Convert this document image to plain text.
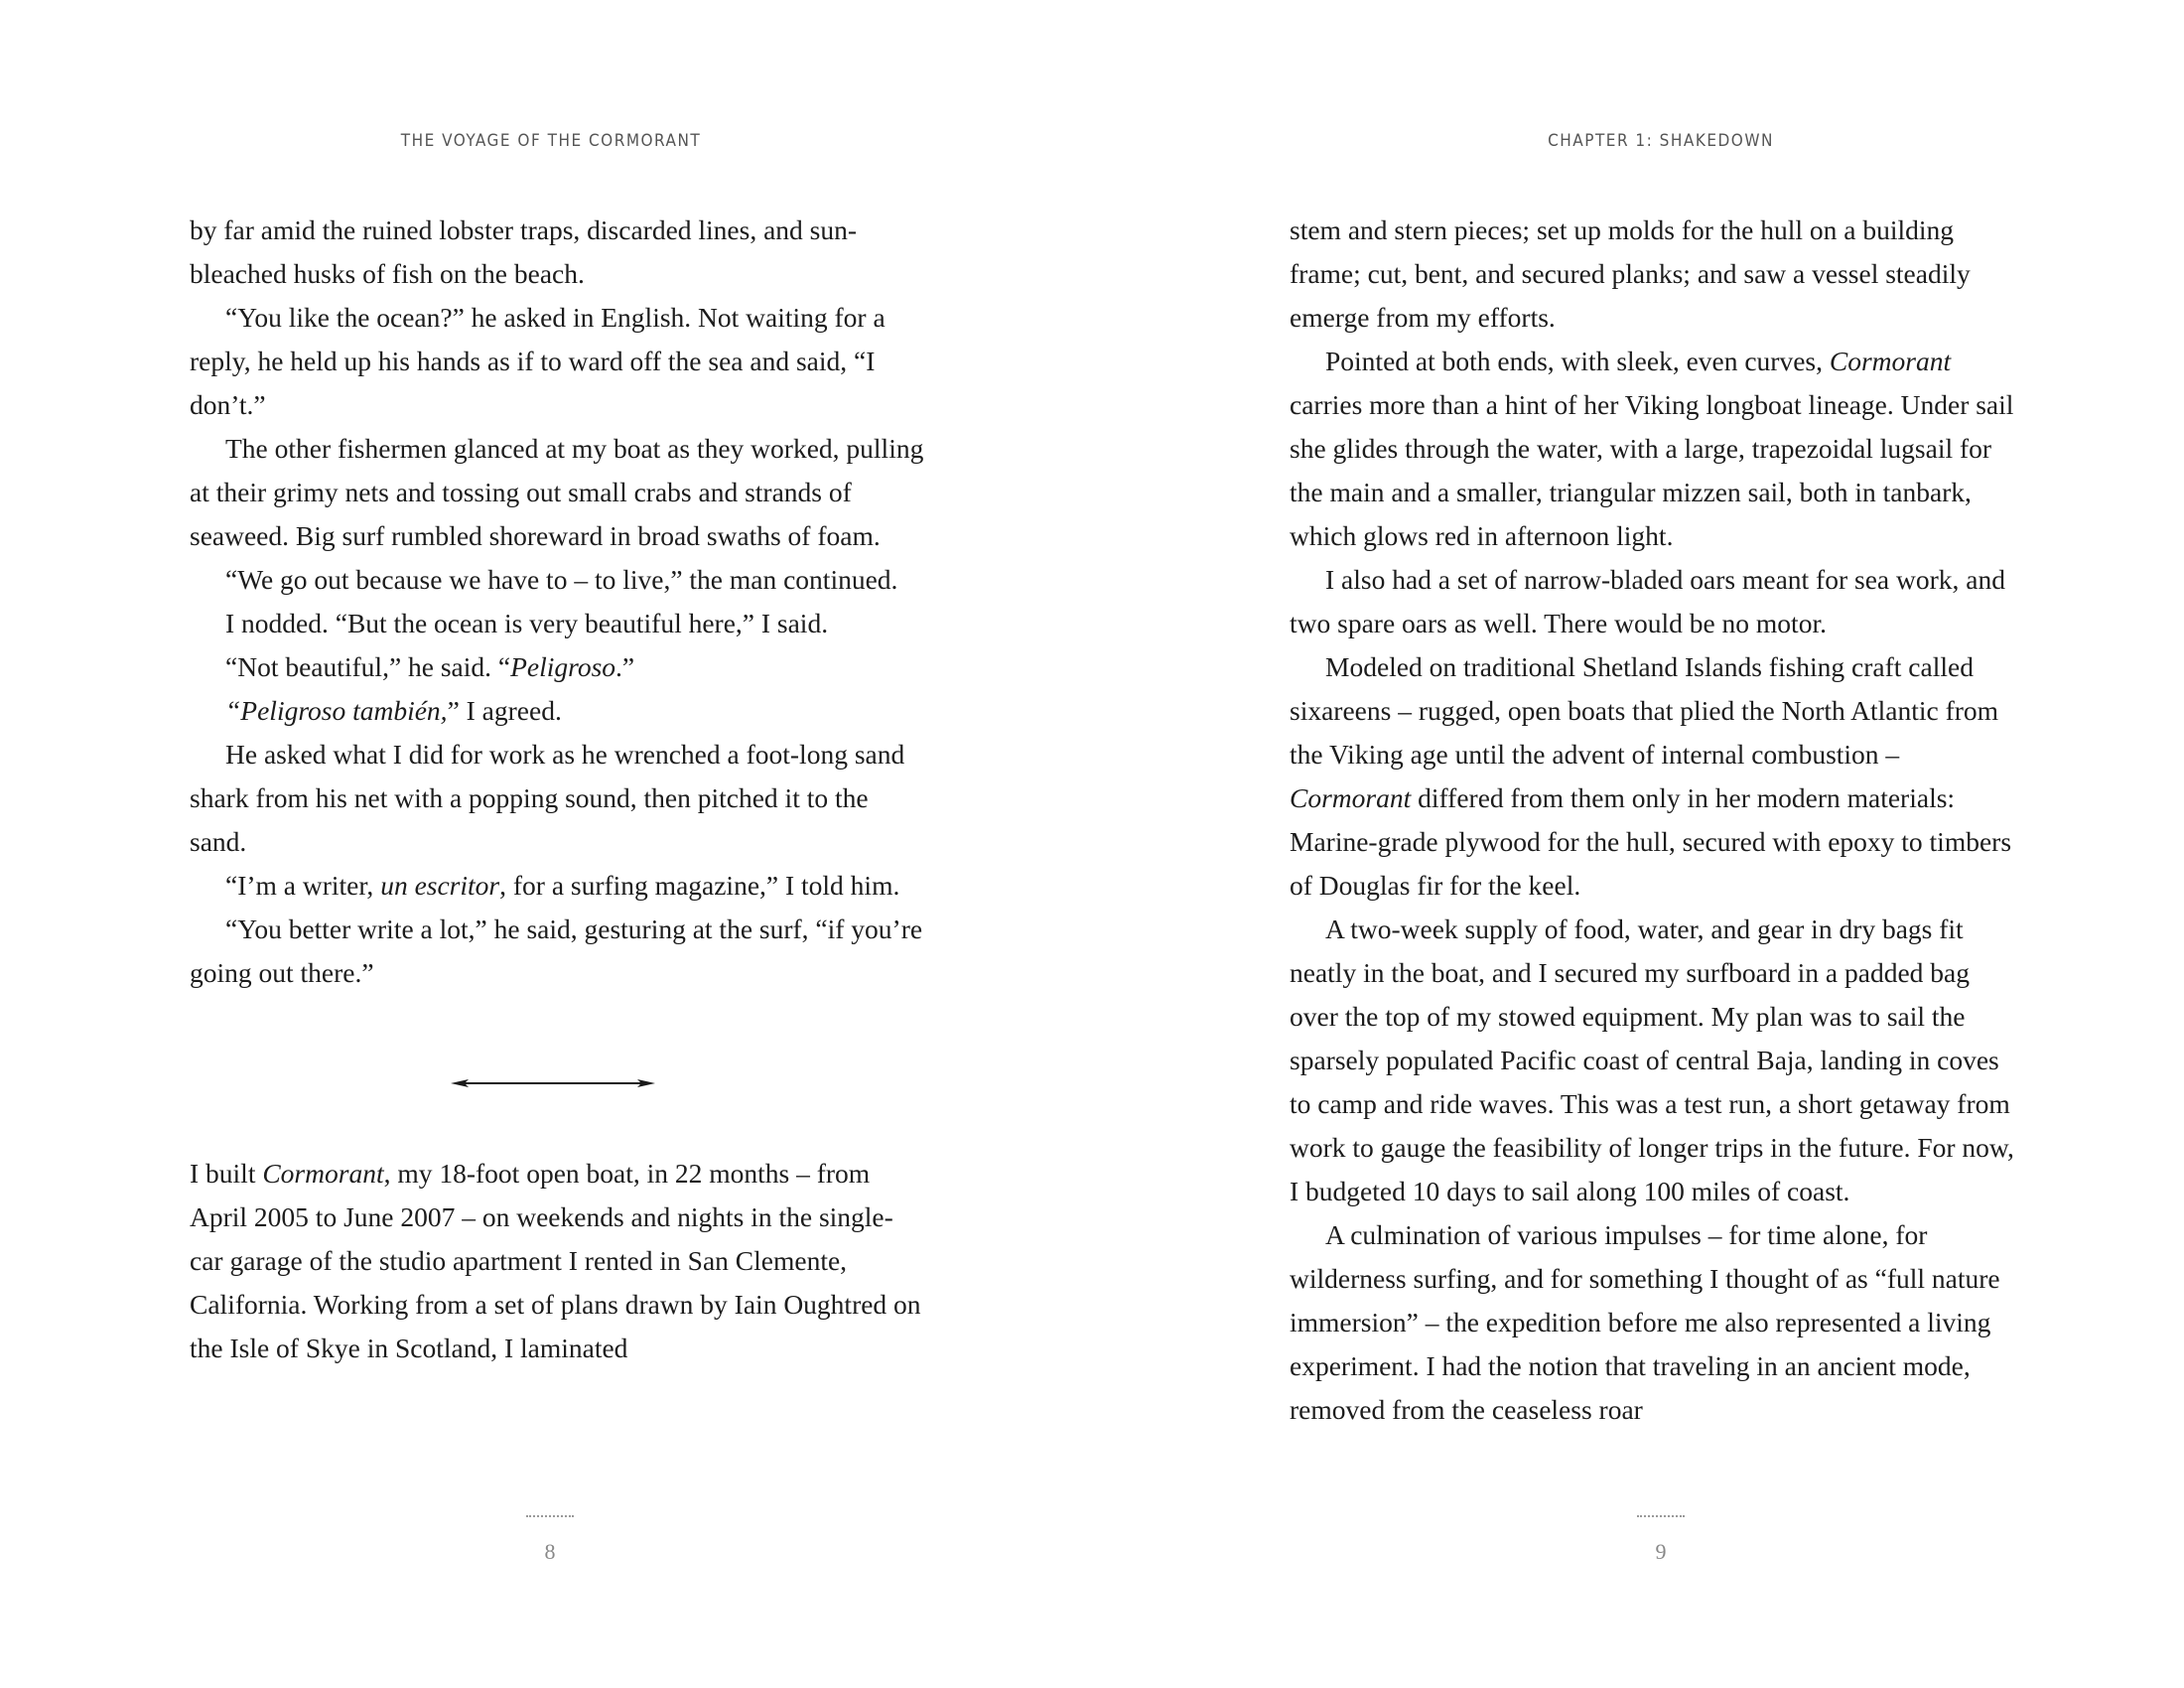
THE VOYAGE OF THE CORMORANT

by far amid the ruined lobster traps, discarded lines, and sun-bleached husks of fish on the beach.

“You like the ocean?” he asked in English. Not waiting for a reply, he held up his hands as if to ward off the sea and said, “I don’t.”

The other fishermen glanced at my boat as they worked, pulling at their grimy nets and tossing out small crabs and strands of seaweed. Big surf rumbled shoreward in broad swaths of foam.

“We go out because we have to – to live,” the man continued.

I nodded. “But the ocean is very beautiful here,” I said.

“Not beautiful,” he said. “Peligroso.”

“Peligroso también,” I agreed.

He asked what I did for work as he wrenched a foot-long sand shark from his net with a popping sound, then pitched it to the sand.

“I’m a writer, un escritor, for a surfing magazine,” I told him.

“You better write a lot,” he said, gesturing at the surf, “if you’re going out there.”

I built Cormorant, my 18-foot open boat, in 22 months – from April 2005 to June 2007 – on weekends and nights in the single-car garage of the studio apartment I rented in San Clemente, California. Working from a set of plans drawn by Iain Oughtred on the Isle of Skye in Scotland, I laminated

8
CHAPTER 1: SHAKEDOWN

stem and stern pieces; set up molds for the hull on a building frame; cut, bent, and secured planks; and saw a vessel steadily emerge from my efforts.

Pointed at both ends, with sleek, even curves, Cormorant carries more than a hint of her Viking longboat lineage. Under sail she glides through the water, with a large, trapezoidal lugsail for the main and a smaller, triangular mizzen sail, both in tanbark, which glows red in afternoon light.

I also had a set of narrow-bladed oars meant for sea work, and two spare oars as well. There would be no motor.

Modeled on traditional Shetland Islands fishing craft called sixareens – rugged, open boats that plied the North Atlantic from the Viking age until the advent of internal combustion – Cormorant differed from them only in her modern materials: Marine-grade plywood for the hull, secured with epoxy to timbers of Douglas fir for the keel.

A two-week supply of food, water, and gear in dry bags fit neatly in the boat, and I secured my surfboard in a padded bag over the top of my stowed equipment. My plan was to sail the sparsely populated Pacific coast of central Baja, landing in coves to camp and ride waves. This was a test run, a short getaway from work to gauge the feasibility of longer trips in the future. For now, I budgeted 10 days to sail along 100 miles of coast.

A culmination of various impulses – for time alone, for wilderness surfing, and for something I thought of as “full nature immersion” – the expedition before me also represented a living experiment. I had the notion that traveling in an ancient mode, removed from the ceaseless roar

9
